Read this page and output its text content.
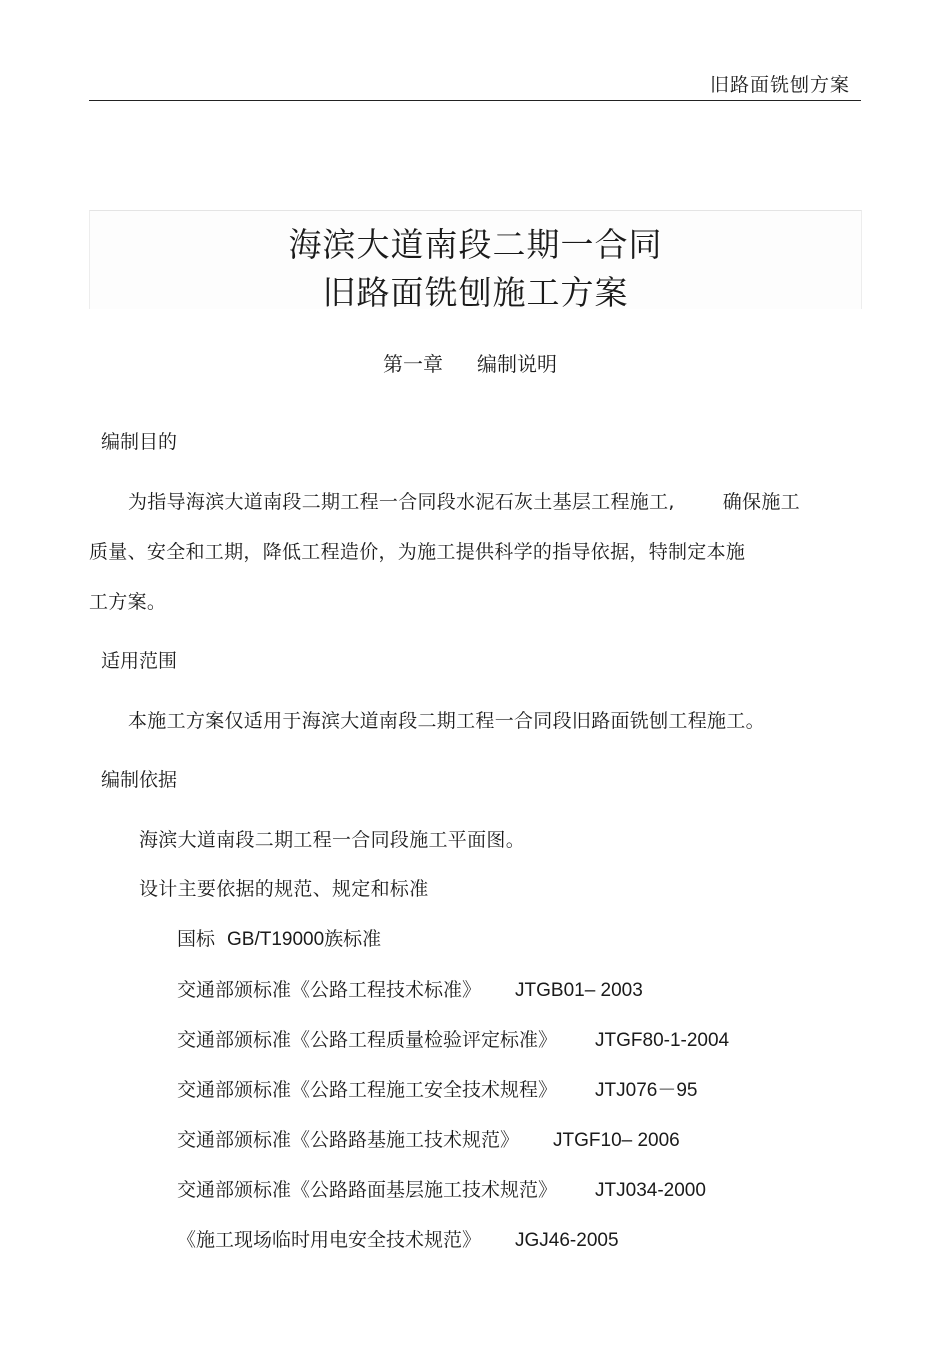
旧路面铣刨方案
海滨大道南段二期一合同
旧路面铣刨施工方案
第一章 编制说明
编制目的
为指导海滨大道南段二期工程一合同段水泥石灰土基层工程施工,	确保施工
质量、安全和工期，降低工程造价，为施工提供科学的指导依据，特制定本施
工方案。
适用范围
本施工方案仅适用于海滨大道南段二期工程一合同段旧路面铣刨工程施工。
编制依据
海滨大道南段二期工程一合同段施工平面图。
设计主要依据的规范、规定和标准
国标 GB/T19000族标准
交通部颁标准《公路工程技术标准》 JTGB01– 2003
交通部颁标准《公路工程质量检验评定标准》 JTGF80-1-2004
交通部颁标准《公路工程施工安全技术规程》 JTJ076－95
交通部颁标准《公路路基施工技术规范》 JTGF10– 2006
交通部颁标准《公路路面基层施工技术规范》 JTJ034-2000
《施工现场临时用电安全技术规范》 JGJ46-2005
